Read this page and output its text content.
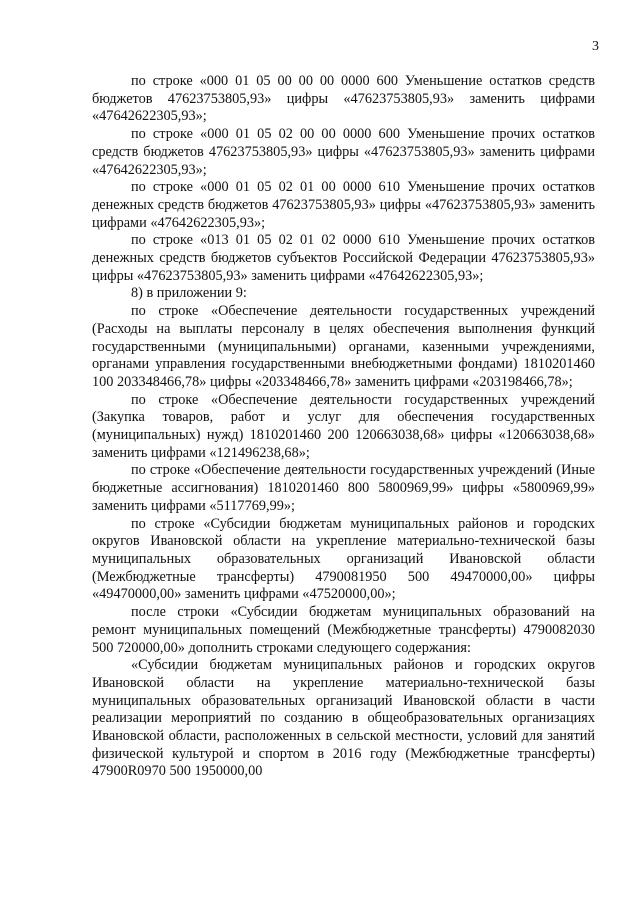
3

по строке «000 01 05 00 00 00 0000 600 Уменьшение остатков средств бюджетов 47623753805,93» цифры «47623753805,93» заменить цифрами «47642622305,93»;

по строке «000 01 05 02 00 00 0000 600 Уменьшение прочих остатков средств бюджетов 47623753805,93» цифры «47623753805,93» заменить цифрами «47642622305,93»;

по строке «000 01 05 02 01 00 0000 610 Уменьшение прочих остатков денежных средств бюджетов 47623753805,93» цифры «47623753805,93» заменить цифрами «47642622305,93»;

по строке «013 01 05 02 01 02 0000 610 Уменьшение прочих остатков денежных средств бюджетов субъектов Российской Федерации 47623753805,93» цифры «47623753805,93» заменить цифрами «47642622305,93»;

8) в приложении 9:

по строке «Обеспечение деятельности государственных учреждений (Расходы на выплаты персоналу в целях обеспечения выполнения функций государственными (муниципальными) органами, казенными учреждениями, органами управления государственными внебюджетными фондами) 1810201460 100 203348466,78» цифры «203348466,78» заменить цифрами «203198466,78»;

по строке «Обеспечение деятельности государственных учреждений (Закупка товаров, работ и услуг для обеспечения государственных (муниципальных) нужд) 1810201460 200 120663038,68» цифры «120663038,68» заменить цифрами «121496238,68»;

по строке «Обеспечение деятельности государственных учреждений (Иные бюджетные ассигнования) 1810201460 800 5800969,99» цифры «5800969,99» заменить цифрами «5117769,99»;

по строке «Субсидии бюджетам муниципальных районов и городских округов Ивановской области на укрепление материально-технической базы муниципальных образовательных организаций Ивановской области (Межбюджетные трансферты) 4790081950 500 49470000,00» цифры «49470000,00» заменить цифрами «47520000,00»;

после строки «Субсидии бюджетам муниципальных образований на ремонт муниципальных помещений (Межбюджетные трансферты) 4790082030 500 720000,00» дополнить строками следующего содержания:

«Субсидии бюджетам муниципальных районов и городских округов Ивановской области на укрепление материально-технической базы муниципальных образовательных организаций Ивановской области в части реализации мероприятий по созданию в общеобразовательных организациях Ивановской области, расположенных в сельской местности, условий для занятий физической культурой и спортом в 2016 году (Межбюджетные трансферты) 47900R0970 500 1950000,00
